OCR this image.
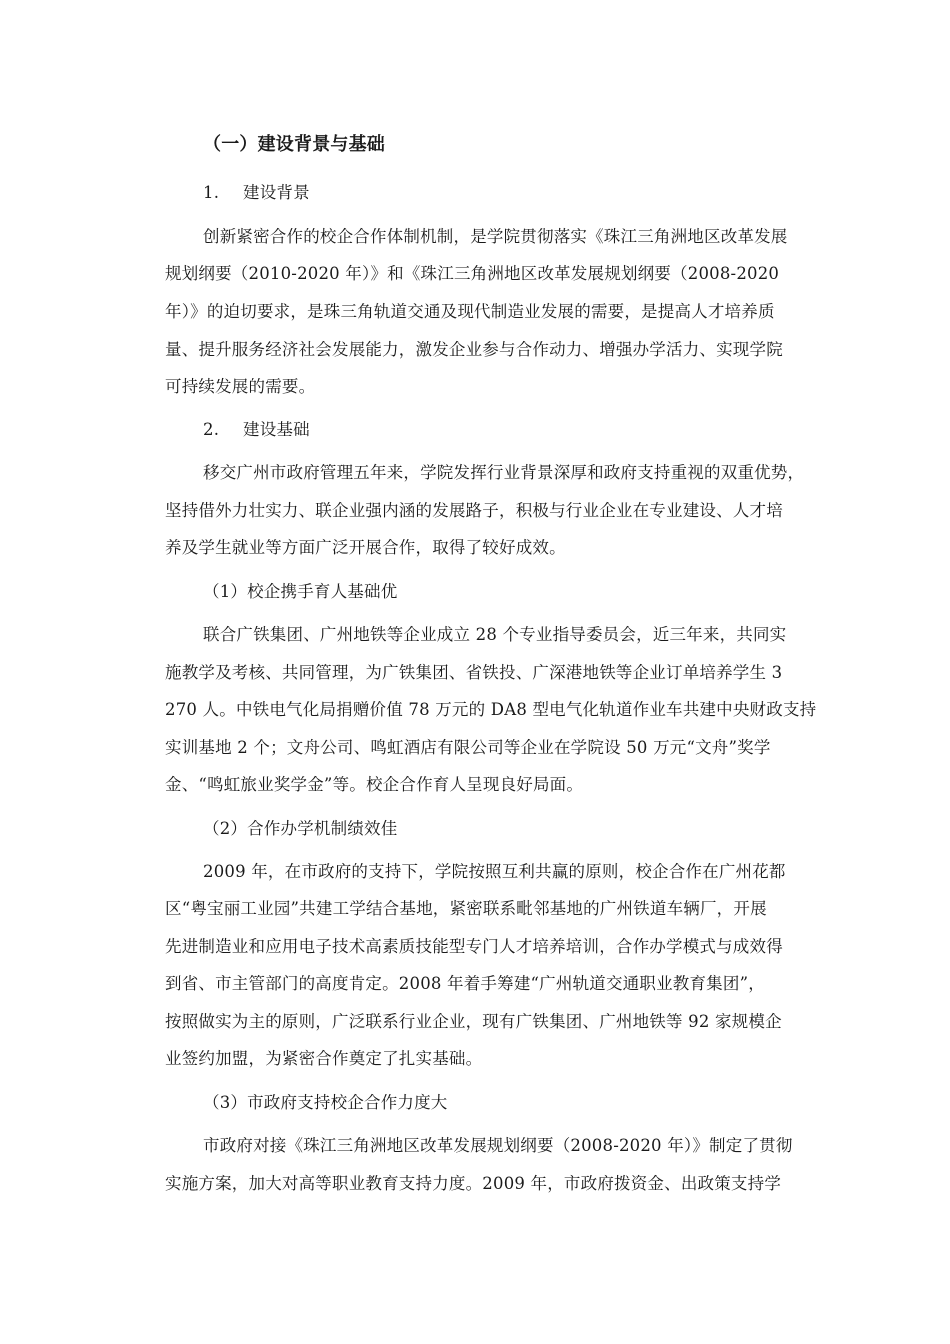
（一）建设背景与基础
1. 建设背景
创新紧密合作的校企合作体制机制，是学院贯彻落实《珠江三角洲地区改革发展
规划纲要（2010-2020 年）》和《珠江三角洲地区改革发展规划纲要（2008-2020
年）》的迫切要求，是珠三角轨道交通及现代制造业发展的需要，是提高人才培养质
量、提升服务经济社会发展能力，激发企业参与合作动力、增强办学活力、实现学院
可持续发展的需要。
2. 建设基础
移交广州市政府管理五年来，学院发挥行业背景深厚和政府支持重视的双重优势，
坚持借外力壮实力、联企业强内涵的发展路子，积极与行业企业在专业建设、人才培
养及学生就业等方面广泛开展合作，取得了较好成效。
（1）校企携手育人基础优
联合广铁集团、广州地铁等企业成立 28 个专业指导委员会，近三年来，共同实
施教学及考核、共同管理，为广铁集团、省铁投、广深港地铁等企业订单培养学生 3
270 人。中铁电气化局捐赠价值 78 万元的 DA8 型电气化轨道作业车共建中央财政支持
实训基地 2 个；文舟公司、鸣虹酒店有限公司等企业在学院设 50 万元“文舟”奖学
金、“鸣虹旅业奖学金”等。校企合作育人呈现良好局面。
（2）合作办学机制绩效佳
2009 年，在市政府的支持下，学院按照互利共赢的原则，校企合作在广州花都
区“粤宝丽工业园”共建工学结合基地，紧密联系毗邻基地的广州铁道车辆厂，开展
先进制造业和应用电子技术高素质技能型专门人才培养培训，合作办学模式与成效得
到省、市主管部门的高度肯定。2008 年着手筹建“广州轨道交通职业教育集团”，
按照做实为主的原则，广泛联系行业企业，现有广铁集团、广州地铁等 92 家规模企
业签约加盟，为紧密合作奠定了扎实基础。
（3）市政府支持校企合作力度大
市政府对接《珠江三角洲地区改革发展规划纲要（2008-2020 年）》制定了贯彻
实施方案，加大对高等职业教育支持力度。2009 年，市政府拨资金、出政策支持学
